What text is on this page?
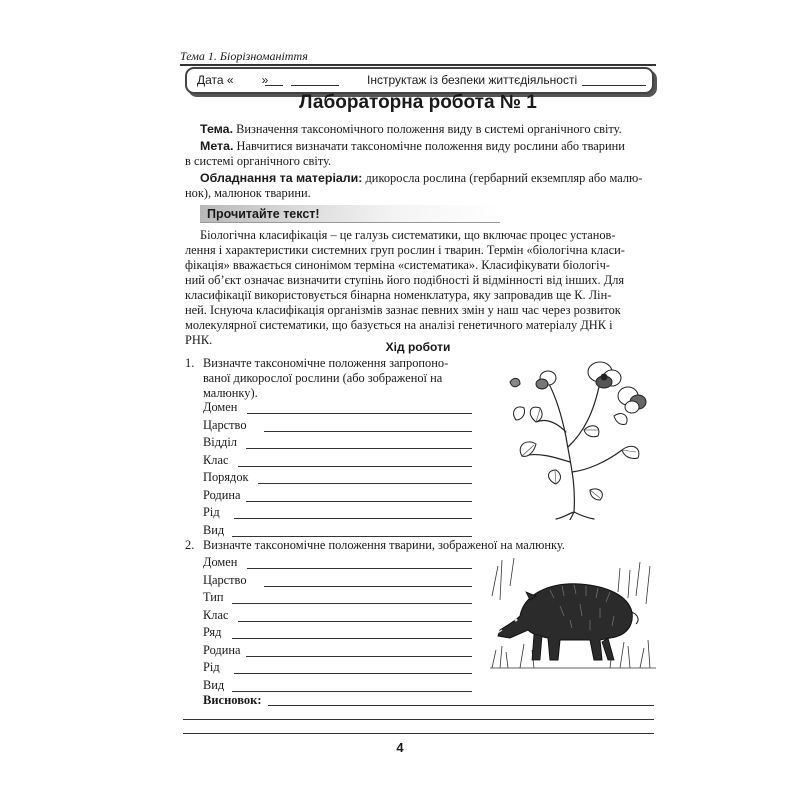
Тема 1. Біорізноманіття
Дата « »	Інструктаж із безпеки життєдіяльності
Лабораторна робота № 1
Тема. Визначення таксономічного положення виду в системі органічного світу.
Мета. Навчитися визначати таксономічне положення виду рослини або тварини
в системі органічного світу.
Обладнання та матеріали: дикоросла рослина (гербарний екземпляр або малю-
нок), малюнок тварини.
Прочитайте текст!
Біологічна класифікація – це галузь систематики, що включає процес установ-
лення і характеристики системних груп рослин і тварин. Термін «біологічна класи-
фікація» вважається синонімом терміна «систематика». Класифікувати біологіч-
ний об’єкт означає визначити ступінь його подібності й відмінності від інших. Для
класифікації використовується бінарна номенклатура, яку запровадив ще К. Лін-
ней. Існуюча класифікація організмів зазнає певних змін у наш час через розвиток
молекулярної систематики, що базується на аналізі генетичного матеріалу ДНК і
РНК.	Хід роботи
1. Визначте таксономічне положення запропоно-
ваної дикорослої рослини (або зображеної на
малюнку).
Домен
Царство
Відділ
Клас
Порядок
Родина
Рід
Вид
2. Визначте таксономічне положення тварини, зображеної на малюнку.
Домен
Царство
Тип
Клас
Ряд
Родина
Рід
Вид
Висновок:
4
